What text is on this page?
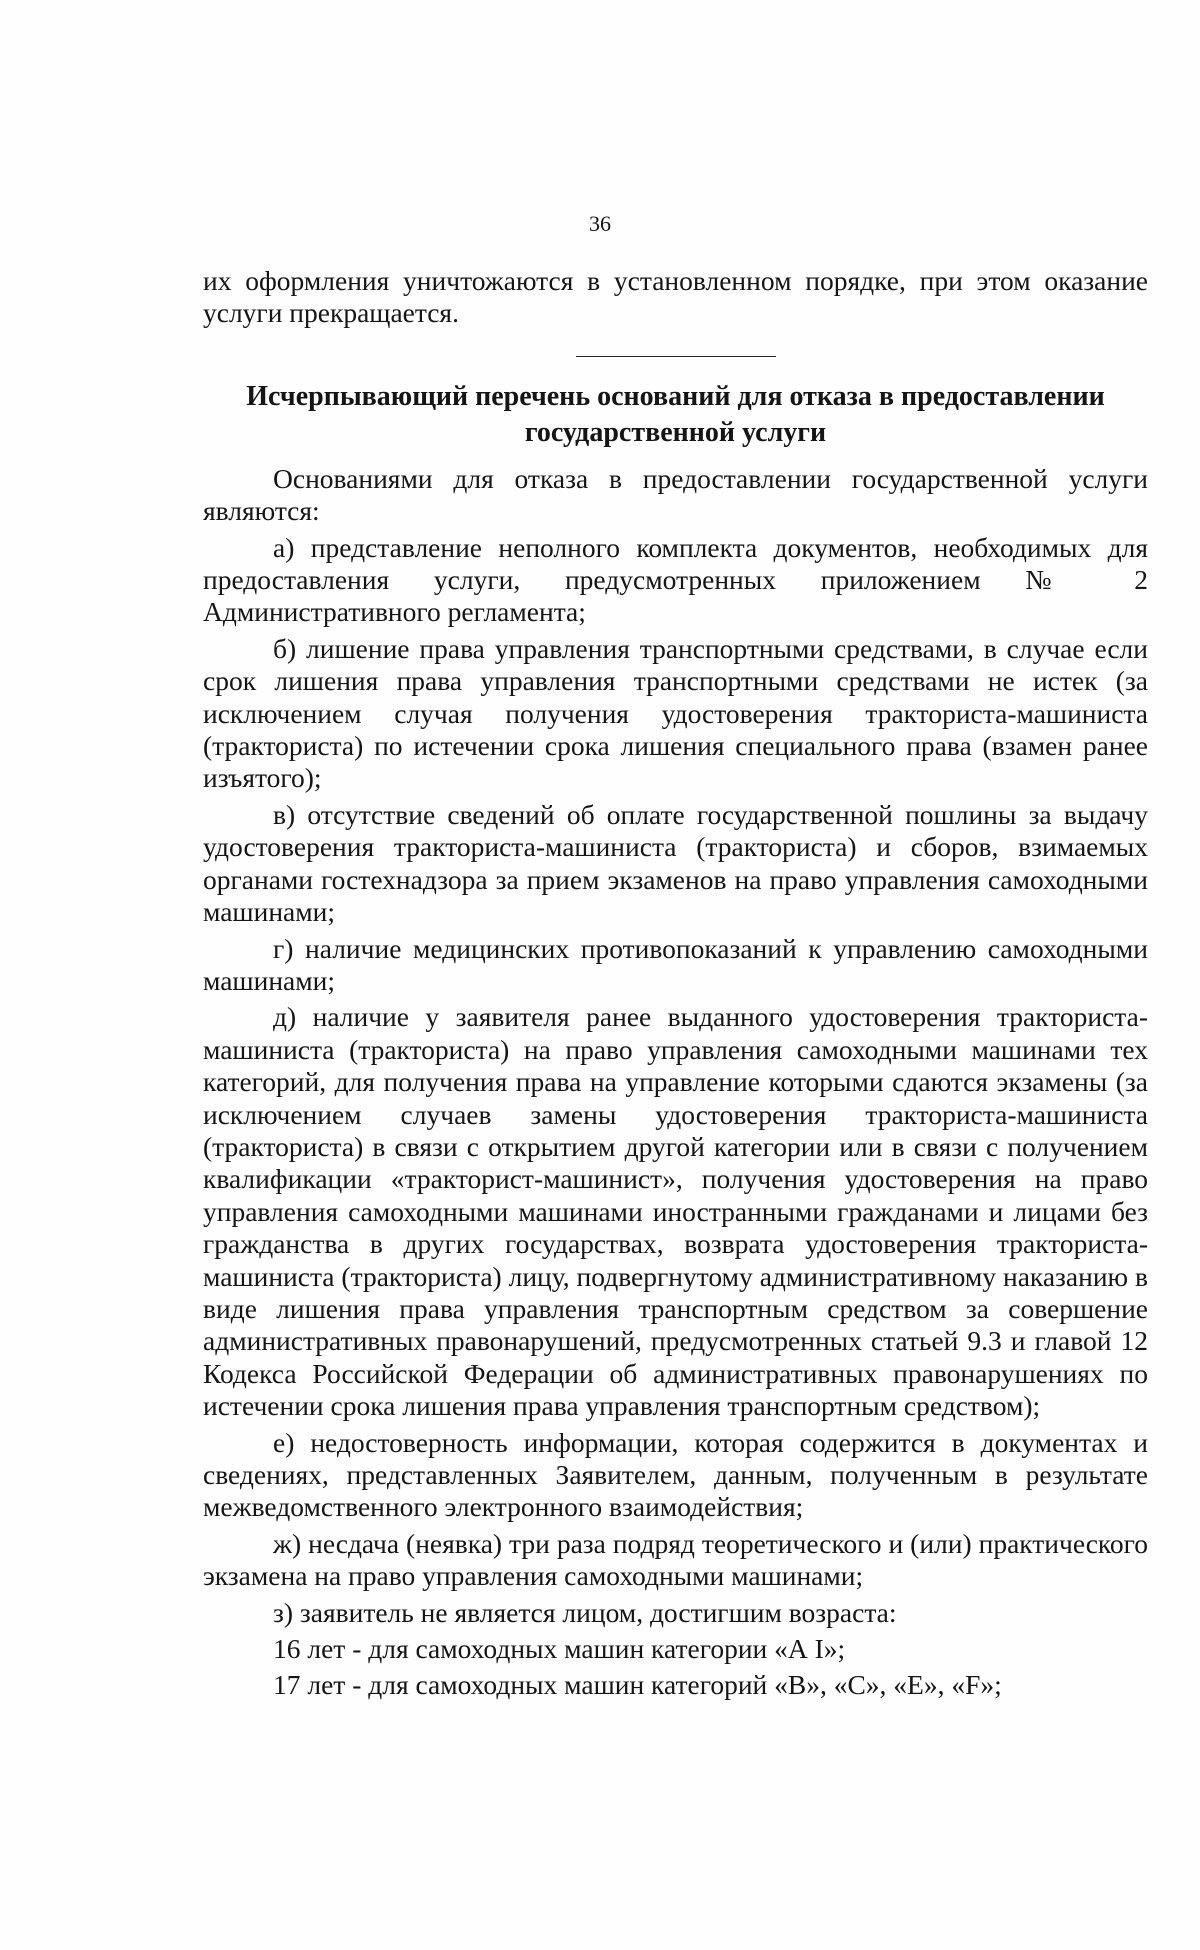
36

их оформления уничтожаются в установленном порядке, при этом оказание услуги прекращается.

Исчерпывающий перечень оснований для отказа в предоставлении
государственной услуги

Основаниями для отказа в предоставлении государственной услуги являются:

а) представление неполного комплекта документов, необходимых для предоставления услуги, предусмотренных приложением № 2 Административного регламента;

б) лишение права управления транспортными средствами, в случае если срок лишения права управления транспортными средствами не истек (за исключением случая получения удостоверения тракториста-машиниста (тракториста) по истечении срока лишения специального права (взамен ранее изъятого);

в) отсутствие сведений об оплате государственной пошлины за выдачу удостоверения тракториста-машиниста (тракториста) и сборов, взимаемых органами гостехнадзора за прием экзаменов на право управления самоходными машинами;

г) наличие медицинских противопоказаний к управлению самоходными машинами;

д) наличие у заявителя ранее выданного удостоверения тракториста-машиниста (тракториста) на право управления самоходными машинами тех категорий, для получения права на управление которыми сдаются экзамены (за исключением случаев замены удостоверения тракториста-машиниста (тракториста) в связи с открытием другой категории или в связи с получением квалификации «тракторист-машинист», получения удостоверения на право управления самоходными машинами иностранными гражданами и лицами без гражданства в других государствах, возврата удостоверения тракториста-машиниста (тракториста) лицу, подвергнутому административному наказанию в виде лишения права управления транспортным средством за совершение административных правонарушений, предусмотренных статьей 9.3 и главой 12 Кодекса Российской Федерации об административных правонарушениях по истечении срока лишения права управления транспортным средством);

е) недостоверность информации, которая содержится в документах и сведениях, представленных Заявителем, данным, полученным в результате межведомственного электронного взаимодействия;

ж) несдача (неявка) три раза подряд теоретического и (или) практического экзамена на право управления самоходными машинами;

з) заявитель не является лицом, достигшим возраста:

16 лет - для самоходных машин категории «А I»;

17 лет - для самоходных машин категорий «В», «С», «Е», «F»;
